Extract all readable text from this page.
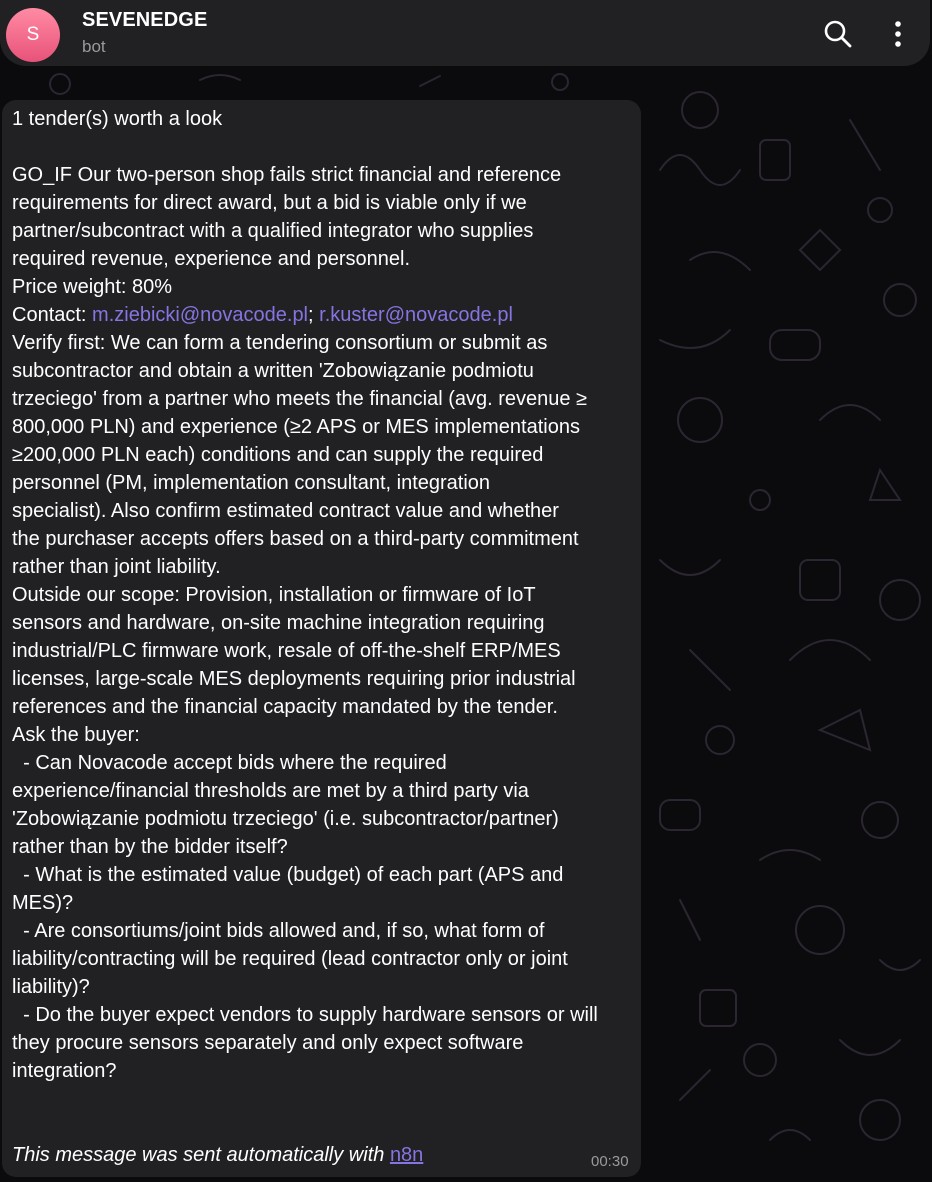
S
SEVENEDGE
bot
1 tender(s) worth a look

GO_IF Our two-person shop fails strict financial and reference
requirements for direct award, but a bid is viable only if we
partner/subcontract with a qualified integrator who supplies
required revenue, experience and personnel.
Price weight: 80%
Contact: m.ziebicki@novacode.pl; r.kuster@novacode.pl
Verify first: We can form a tendering consortium or submit as
subcontractor and obtain a written 'Zobowiązanie podmiotu
trzeciego' from a partner who meets the financial (avg. revenue ≥
800,000 PLN) and experience (≥2 APS or MES implementations
≥200,000 PLN each) conditions and can supply the required
personnel (PM, implementation consultant, integration
specialist). Also confirm estimated contract value and whether
the purchaser accepts offers based on a third-party commitment
rather than joint liability.
Outside our scope: Provision, installation or firmware of IoT
sensors and hardware, on-site machine integration requiring
industrial/PLC firmware work, resale of off-the-shelf ERP/MES
licenses, large-scale MES deployments requiring prior industrial
references and the financial capacity mandated by the tender.
Ask the buyer:
- Can Novacode accept bids where the required
experience/financial thresholds are met by a third party via
'Zobowiązanie podmiotu trzeciego' (i.e. subcontractor/partner)
rather than by the bidder itself?
- What is the estimated value (budget) of each part (APS and
MES)?
- Are consortiums/joint bids allowed and, if so, what form of
liability/contracting will be required (lead contractor only or joint
liability)?
- Do the buyer expect vendors to supply hardware sensors or will
they procure sensors separately and only expect software
integration?
This message was sent automatically with n8n	00:30
